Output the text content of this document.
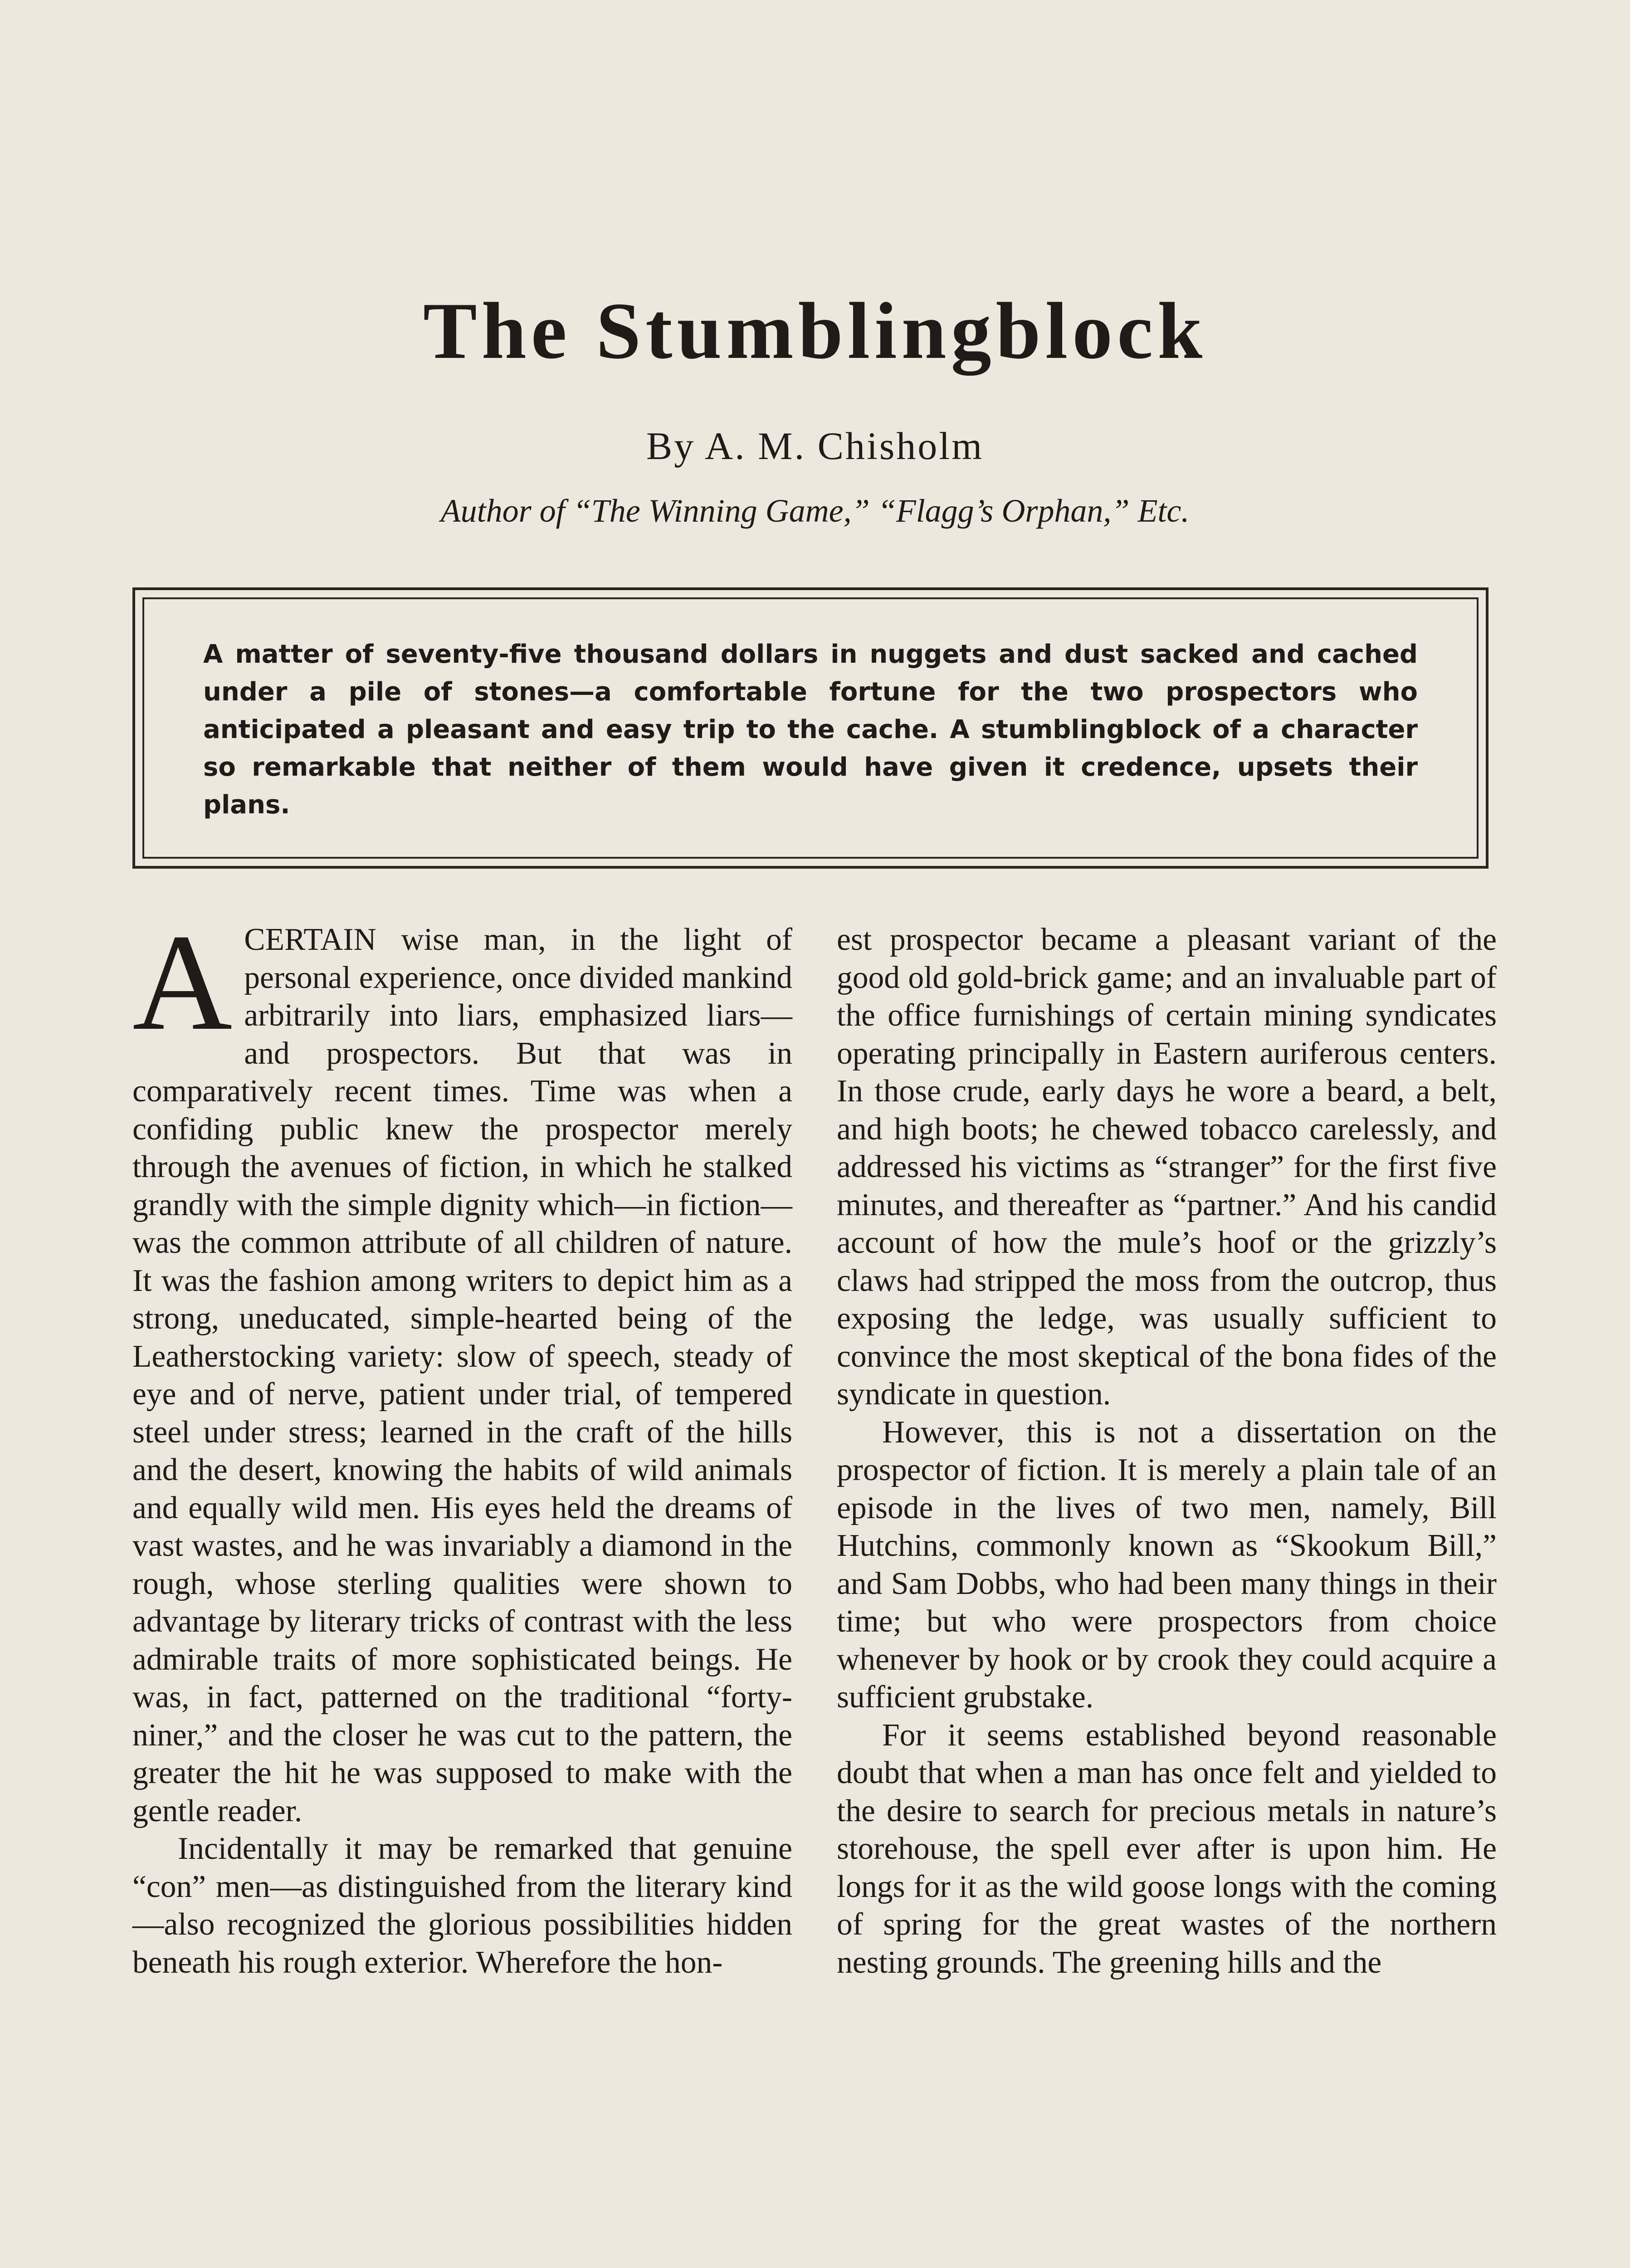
The Stumblingblock

By A. M. Chisholm

Author of “The Winning Game,” “Flagg’s Orphan,” Etc.

A matter of seventy-five thousand dollars in nuggets and dust sacked and cached under a pile of stones—a comfortable fortune for the two prospectors who anticipated a pleasant and easy trip to the cache. A stumblingblock of a character so remarkable that neither of them would have given it credence, upsets their plans.

ACERTAIN wise man, in the light of personal experience, once divided mankind arbitrarily into liars, emphasized liars—and prospectors. But that was in comparatively recent times. Time was when a confiding public knew the prospector merely through the avenues of fiction, in which he stalked grandly with the simple dignity which—in fiction—was the common attribute of all children of nature. It was the fashion among writers to depict him as a strong, uneducated, simple-hearted being of the Leatherstocking variety: slow of speech, steady of eye and of nerve, patient under trial, of tempered steel under stress; learned in the craft of the hills and the desert, knowing the habits of wild animals and equally wild men. His eyes held the dreams of vast wastes, and he was invariably a diamond in the rough, whose sterling qualities were shown to advantage by literary tricks of contrast with the less admirable traits of more sophisticated beings. He was, in fact, patterned on the traditional “forty-niner,” and the closer he was cut to the pattern, the greater the hit he was supposed to make with the gentle reader.

Incidentally it may be remarked that genuine “con” men—as distinguished from the literary kind—also recognized the glorious possibilities hidden beneath his rough exterior. Wherefore the hon-

est prospector became a pleasant variant of the good old gold-brick game; and an invaluable part of the office furnishings of certain mining syndicates operating principally in Eastern auriferous centers. In those crude, early days he wore a beard, a belt, and high boots; he chewed tobacco carelessly, and addressed his victims as “stranger” for the first five minutes, and thereafter as “partner.” And his candid account of how the mule’s hoof or the grizzly’s claws had stripped the moss from the outcrop, thus exposing the ledge, was usually sufficient to convince the most skeptical of the bona fides of the syndicate in question.

However, this is not a dissertation on the prospector of fiction. It is merely a plain tale of an episode in the lives of two men, namely, Bill Hutchins, commonly known as “Skookum Bill,” and Sam Dobbs, who had been many things in their time; but who were prospectors from choice whenever by hook or by crook they could acquire a sufficient grubstake.

For it seems established beyond reasonable doubt that when a man has once felt and yielded to the desire to search for precious metals in nature’s storehouse, the spell ever after is upon him. He longs for it as the wild goose longs with the coming of spring for the great wastes of the northern nesting grounds. The greening hills and the
